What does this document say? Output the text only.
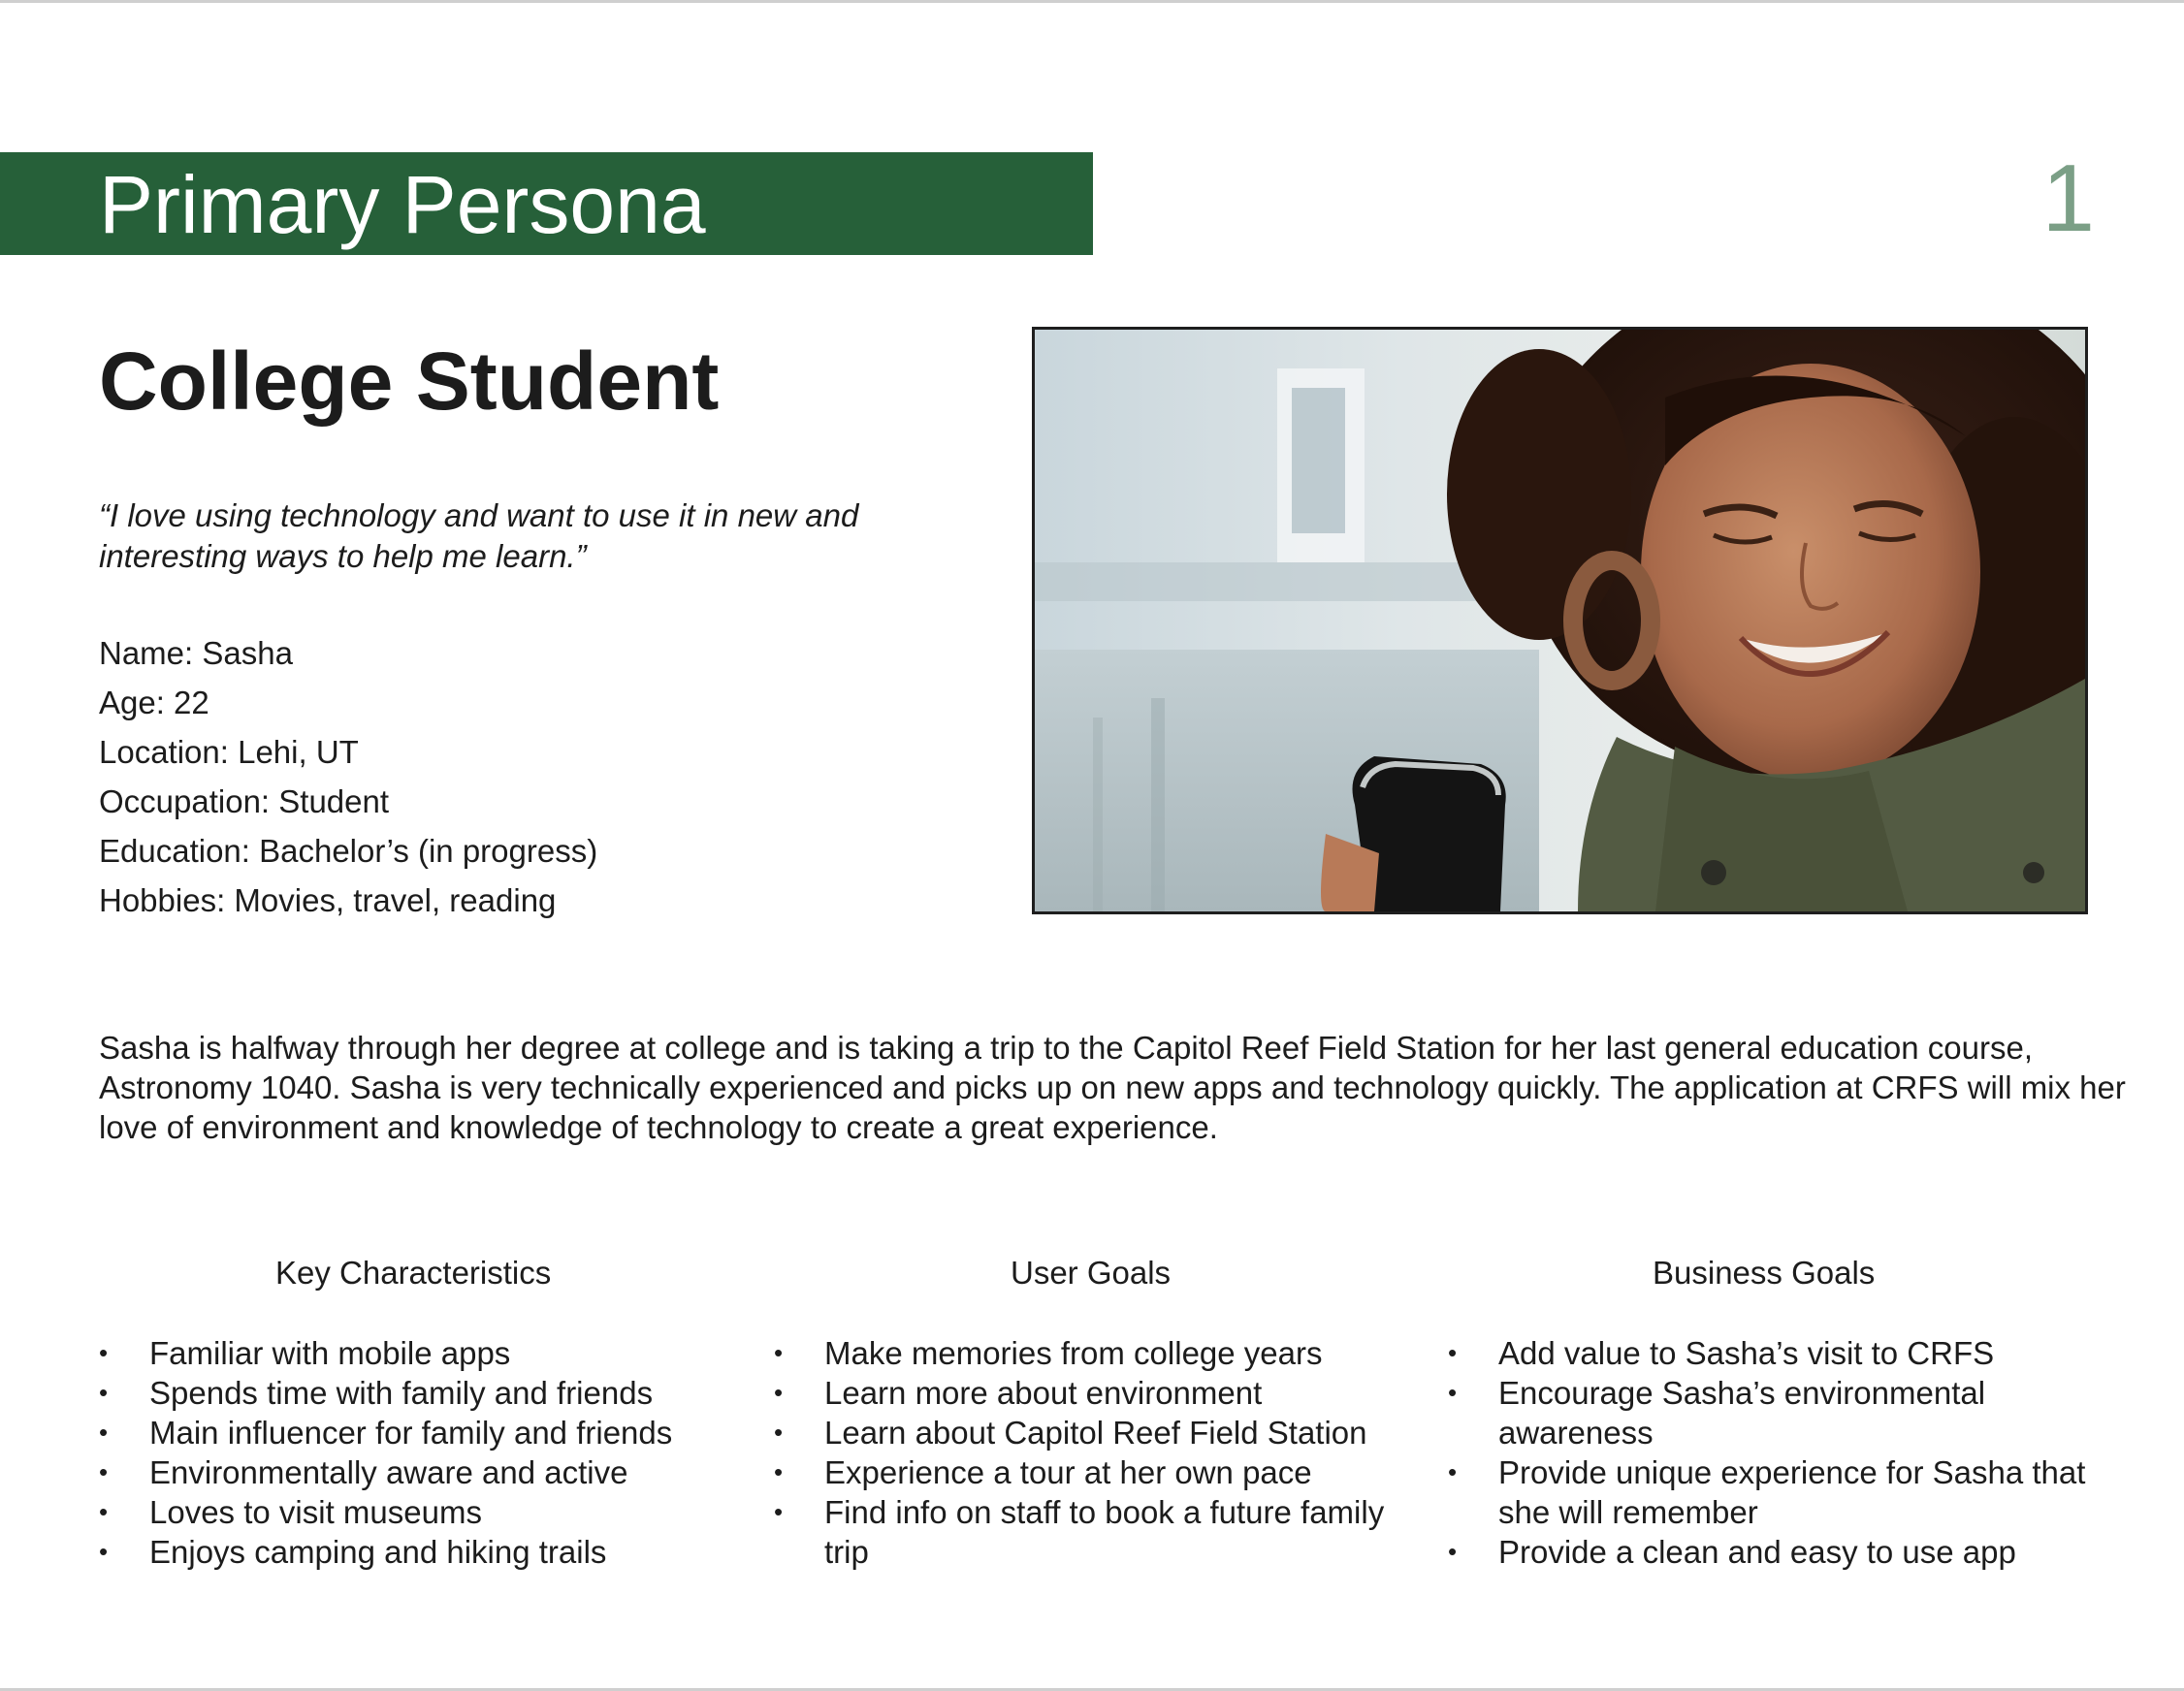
Primary Persona	1
College Student

“I love using technology and want to use it in new and interesting ways to help me learn.”

Name: Sasha
Age: 22
Location: Lehi, UT
Occupation: Student
Education: Bachelor’s (in progress)
Hobbies: Movies, travel, reading

Sasha is halfway through her degree at college and is taking a trip to the Capitol Reef Field Station for her last general education course, Astronomy 1040. Sasha is very technically experienced and picks up on new apps and technology quickly. The application at CRFS will mix her love of environment and knowledge of technology to create a great experience.

Key Characteristics
• Familiar with mobile apps
• Spends time with family and friends
• Main influencer for family and friends
• Environmentally aware and active
• Loves to visit museums
• Enjoys camping and hiking trails
User Goals
• Make memories from college years
• Learn more about environment
• Learn about Capitol Reef Field Station
• Experience a tour at her own pace
• Find info on staff to book a future family trip
Business Goals
• Add value to Sasha’s visit to CRFS
• Encourage Sasha’s environmental awareness
• Provide unique experience for Sasha that she will remember
• Provide a clean and easy to use app
